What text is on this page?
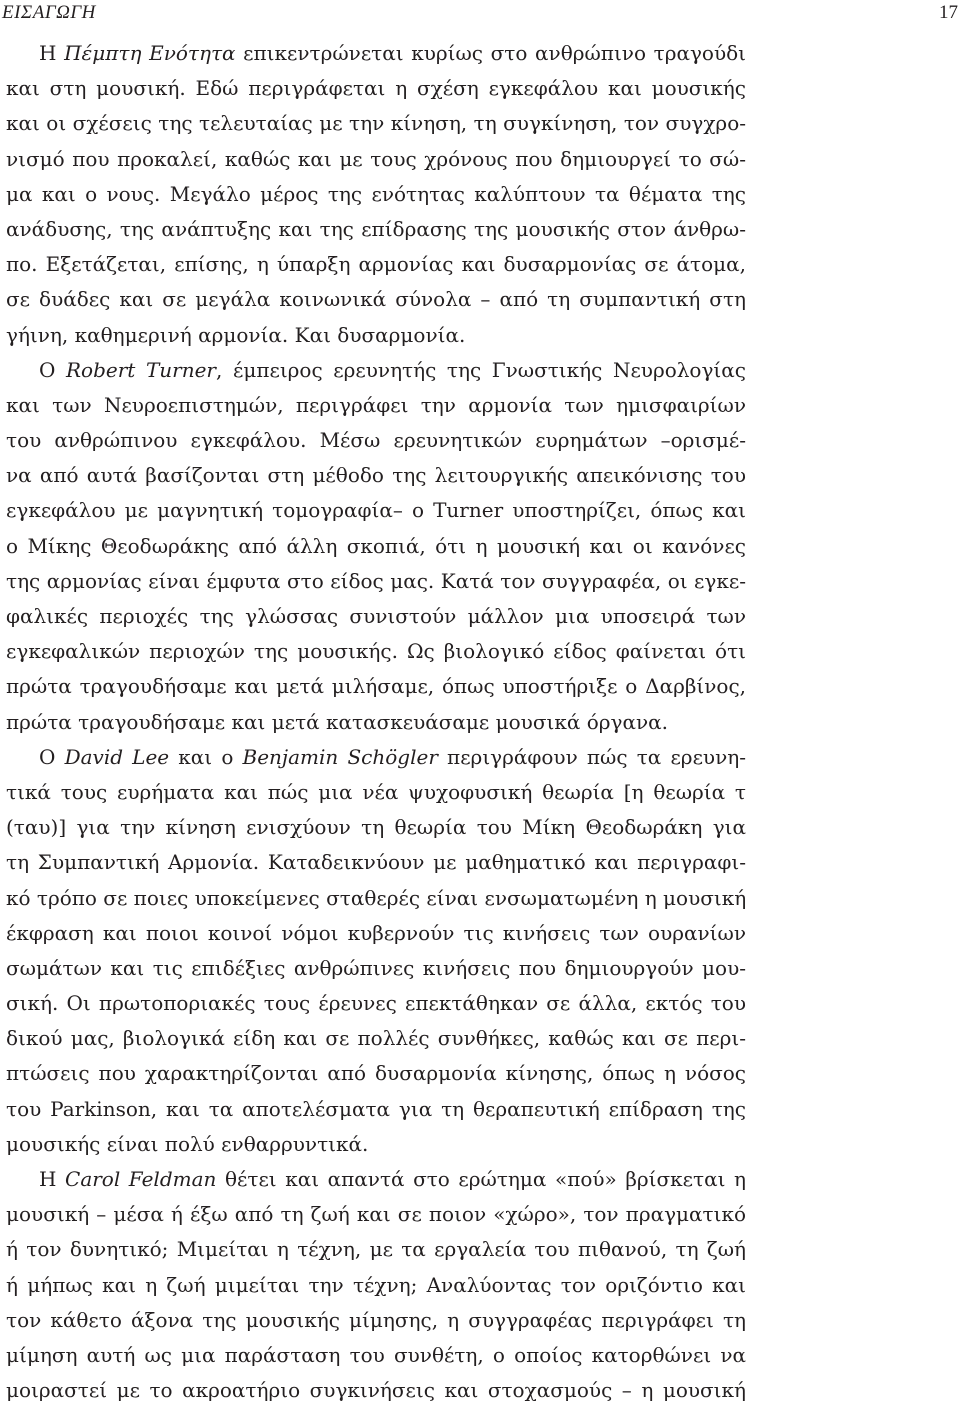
ΕΙΣΑΓΩΓΗ	17
Η Πέμπτη Ενότητα επικεντρώνεται κυρίως στο ανθρώπινο τραγούδι
και στη μουσική. Εδώ περιγράφεται η σχέση εγκεφάλου και μουσικής
και οι σχέσεις της τελευταίας με την κίνηση, τη συγκίνηση, τον συγχρο-
νισμό που προκαλεί, καθώς και με τους χρόνους που δημιουργεί το σώ-
μα και ο νους. Μεγάλο μέρος της ενότητας καλύπτουν τα θέματα της
ανάδυσης, της ανάπτυξης και της επίδρασης της μουσικής στον άνθρω-
πο. Εξετάζεται, επίσης, η ύπαρξη αρμονίας και δυσαρμονίας σε άτομα,
σε δυάδες και σε μεγάλα κοινωνικά σύνολα – από τη συμπαντική στη
γήινη, καθημερινή αρμονία. Και δυσαρμονία.
Ο Robert Turner, έμπειρος ερευνητής της Γνωστικής Νευρολογίας
και των Νευροεπιστημών, περιγράφει την αρμονία των ημισφαιρίων
του ανθρώπινου εγκεφάλου. Μέσω ερευνητικών ευρημάτων –ορισμέ-
να από αυτά βασίζονται στη μέθοδο της λειτουργικής απεικόνισης του
εγκεφάλου με μαγνητική τομογραφία– ο Turner υποστηρίζει, όπως και
ο Μίκης Θεοδωράκης από άλλη σκοπιά, ότι η μουσική και οι κανόνες
της αρμονίας είναι έμφυτα στο είδος μας. Κατά τον συγγραφέα, οι εγκε-
φαλικές περιοχές της γλώσσας συνιστούν μάλλον μια υποσειρά των
εγκεφαλικών περιοχών της μουσικής. Ως βιολογικό είδος φαίνεται ότι
πρώτα τραγουδήσαμε και μετά μιλήσαμε, όπως υποστήριξε ο Δαρβίνος,
πρώτα τραγουδήσαμε και μετά κατασκευάσαμε μουσικά όργανα.
Ο David Lee και ο Benjamin Schögler περιγράφουν πώς τα ερευνη-
τικά τους ευρήματα και πώς μια νέα ψυχοφυσική θεωρία [η θεωρία τ
(ταυ)] για την κίνηση ενισχύουν τη θεωρία του Μίκη Θεοδωράκη για
τη Συμπαντική Αρμονία. Καταδεικνύουν με μαθηματικό και περιγραφι-
κό τρόπο σε ποιες υποκείμενες σταθερές είναι ενσωματωμένη η μουσική
έκφραση και ποιοι κοινοί νόμοι κυβερνούν τις κινήσεις των ουρανίων
σωμάτων και τις επιδέξιες ανθρώπινες κινήσεις που δημιουργούν μου-
σική. Οι πρωτοποριακές τους έρευνες επεκτάθηκαν σε άλλα, εκτός του
δικού μας, βιολογικά είδη και σε πολλές συνθήκες, καθώς και σε περι-
πτώσεις που χαρακτηρίζονται από δυσαρμονία κίνησης, όπως η νόσος
του Parkinson, και τα αποτελέσματα για τη θεραπευτική επίδραση της
μουσικής είναι πολύ ενθαρρυντικά.
Η Carol Feldman θέτει και απαντά στο ερώτημα «πού» βρίσκεται η
μουσική – μέσα ή έξω από τη ζωή και σε ποιον «χώρο», τον πραγματικό
ή τον δυνητικό; Μιμείται η τέχνη, με τα εργαλεία του πιθανού, τη ζωή
ή μήπως και η ζωή μιμείται την τέχνη; Αναλύοντας τον οριζόντιο και
τον κάθετο άξονα της μουσικής μίμησης, η συγγραφέας περιγράφει τη
μίμηση αυτή ως μια παράσταση του συνθέτη, ο οποίος κατορθώνει να
μοιραστεί με το ακροατήριο συγκινήσεις και στοχασμούς – η μουσική
